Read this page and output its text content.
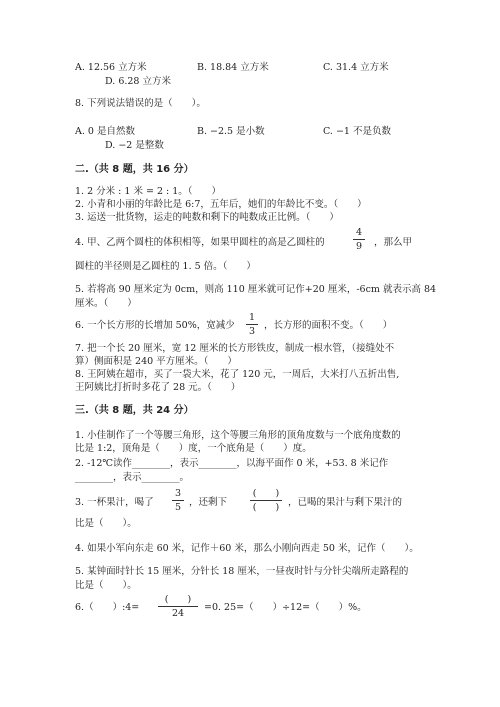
A. 12.56 立方米	B. 18.84 立方米	C. 31.4 立方米
D. 6.28 立方米
8. 下列说法错误的是（　　）。
A. 0 是自然数	B. −2.5 是小数	C. −1 不是负数
D. −2 是整数
二.（共 8 题，共 16 分）
1. 2 分米 : 1 米 = 2 : 1。（　　）
2. 小青和小丽的年龄比是 6:7，五年后，她们的年龄比不变。（　　）
3. 运送一批货物，运走的吨数和剩下的吨数成正比例。（　　）
4. 甲、乙两个圆柱的体积相等，如果甲圆柱的高是乙圆柱的
4
9	，那么甲
圆柱的半径则是乙圆柱的 1. 5 倍。（　　）
5. 若将高 90 厘米定为 0cm，则高 110 厘米就可记作+20 厘米，-6cm 就表示高 84
厘米。（　　）
6. 一个长方形的长增加 50%，宽减少
1
3
，长方形的面积不变。（　　）
7. 把一个长 20 厘米，宽 12 厘米的长方形铁皮，制成一根水管，（接缝处不
算）侧面积是 240 平方厘米。（　　）
8. 王阿姨在超市，买了一袋大米，花了 120 元，一周后，大米打八五折出售,
王阿姨比打折时多花了 28 元。（　　）
三.（共 8 题，共 24 分）
1. 小佳制作了一个等腰三角形，这个等腰三角形的顶角度数与一个底角度数的
比是 1:2，顶角是（　　）度，一个底角是（　　）度。
2. -12℃读作________，表示________，以海平面作 0 米，+53. 8 米记作
________，表示________。
3. 一杯果汁，喝了
3
5 ，还剩下
(　　)
(　　) ，已喝的果汁与剩下果汁的
比是（　　）。
4. 如果小军向东走 60 米，记作＋60 米，那么小刚向西走 50 米，记作（　　）。
5. 某钟面时针长 15 厘米，分针长 18 厘米，一昼夜时针与分针尖端所走路程的
比是（　　）。
6.（　　）:4=
(　　)
24
=0. 25=（　　）÷12=（　　）%。
